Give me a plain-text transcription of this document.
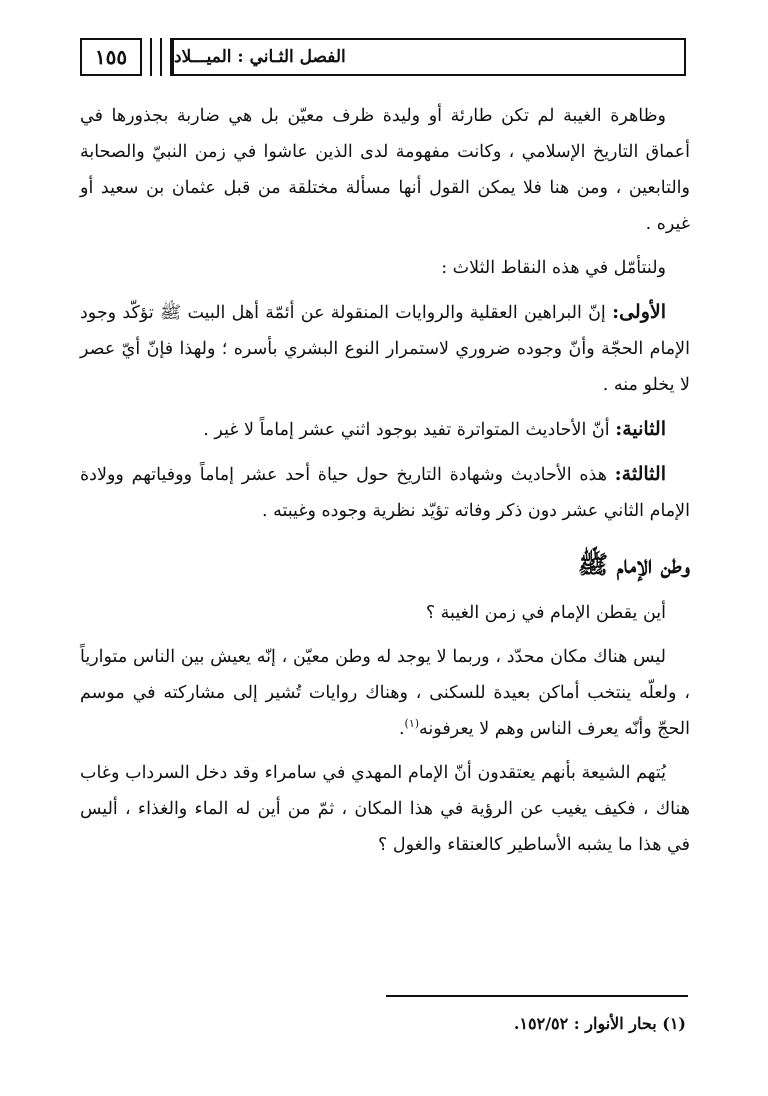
١٥٥	الفصل الثـاني : الميـــلاد

وظاهرة الغيبة لم تكن طارئة أو وليدة ظرف معيّن بل هي ضاربة بجذورها في أعماق التاريخ الإسلامي ، وكانت مفهومة لدى الذين عاشوا في زمن النبيّ والصحابة والتابعين ، ومن هنا فلا يمكن القول أنها مسألة مختلقة من قبل عثمان بن سعيد أو غيره .

ولنتأمّل في هذه النقاط الثلاث :

الأولى: إنّ البراهين العقلية والروايات المنقولة عن أئمّة أهل البيت ﷺ تؤكّد وجود الإمام الحجّة وأنّ وجوده ضروري لاستمرار النوع البشري بأسره ؛ ولهذا فإنّ أيّ عصر لا يخلو منه .

الثانية: أنّ الأحاديث المتواترة تفيد بوجود اثني عشر إماماً لا غير .

الثالثة: هذه الأحاديث وشهادة التاريخ حول حياة أحد عشر إماماً ووفياتهم وولادة الإمام الثاني عشر دون ذكر وفاته تؤيّد نظرية وجوده وغيبته .

وطن الإمام ﷺ

أين يقطن الإمام في زمن الغيبة ؟

ليس هناك مكان محدّد ، وربما لا يوجد له وطن معيّن ، إنّه يعيش بين الناس متوارياً ، ولعلّه ينتخب أماكن بعيدة للسكنى ، وهناك روايات تُشير إلى مشاركته في موسم الحجّ وأنّه يعرف الناس وهم لا يعرفونه$^{(١)}$.

يُتهم الشيعة بأنهم يعتقدون أنّ الإمام المهدي في سامراء وقد دخل السرداب وغاب هناك ، فكيف يغيب عن الرؤية في هذا المكان ، ثمّ من أين له الماء والغذاء ، أليس في هذا ما يشبه الأساطير كالعنقاء والغول ؟

(١) بحار الأنوار : ١٥٢/٥٢.
